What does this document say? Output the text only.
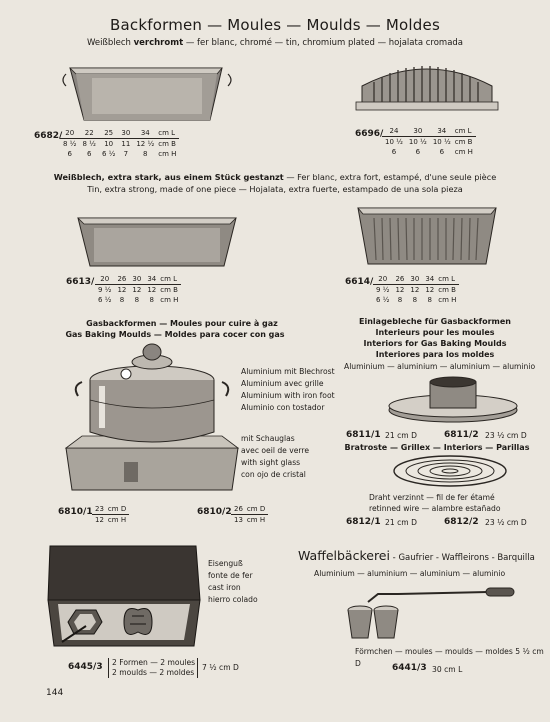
Backformen — Moules — Moulds — Moldes
Weißblech verchromt — fer blanc, chromé — tin, chromium plated — hojalata cromada
6682/ 20	22	25	30	34	cm L
8 ½	8 ½	10	11	12 ½	cm B
6	6	6 ½	7	8	cm H
6696/ 24	30	34	cm L
10 ½	10 ½	10 ½	cm B
6	6	6	cm H
Weißblech, extra stark, aus einem Stück gestanzt — Fer blanc, extra fort, estampé, d'une seule pièce
Tin, extra strong, made of one piece — Hojalata, extra fuerte, estampado de una sola pieza
6613/ 20	26	30	34	cm L
9 ½	12	12	12	cm B
6 ½	8	8	8	cm H
6614/ 20	26	30	34	cm L
9 ½	12	12	12	cm B
6 ½	8	8	8	cm H
Gasbackformen — Moules pour cuire à gaz
Gas Baking Moulds — Moldes para cocer con gas
Aluminium mit Blechrost
Aluminium avec grille
Aluminium with iron foot
Aluminio con tostador
mit Schauglas
avec oeil de verre
with sight glass
con ojo de cristal
6810/1 23	cm D
12	cm H
6810/2 26	cm D
13	cm H
Einlagebleche für Gasbackformen
Interieurs pour les moules
Interiors for Gas Baking Moulds
Interiores para los moldes
Aluminium — aluminium — aluminium — aluminio
6811/1 21 cm D	6811/2 23 ½ cm D
Bratroste — Grillex — Interiors — Parillas
Draht verzinnt — fil de fer étamé
retinned wire — alambre estañado
6812/1 21 cm D	6812/2 23 ½ cm D
Eisenguß
fonte de fer
cast iron
hierro colado
6445/3 2 Formen — 2 moules
2 moulds — 2 moldes
7 ½ cm D
Waffelbäckerei - Gaufrier - Waffleirons - Barquilla
Aluminium — aluminium — aluminium — aluminio
Förmchen — moules — moulds — moldes 5 ½ cm D	6441/3 30 cm L
144
